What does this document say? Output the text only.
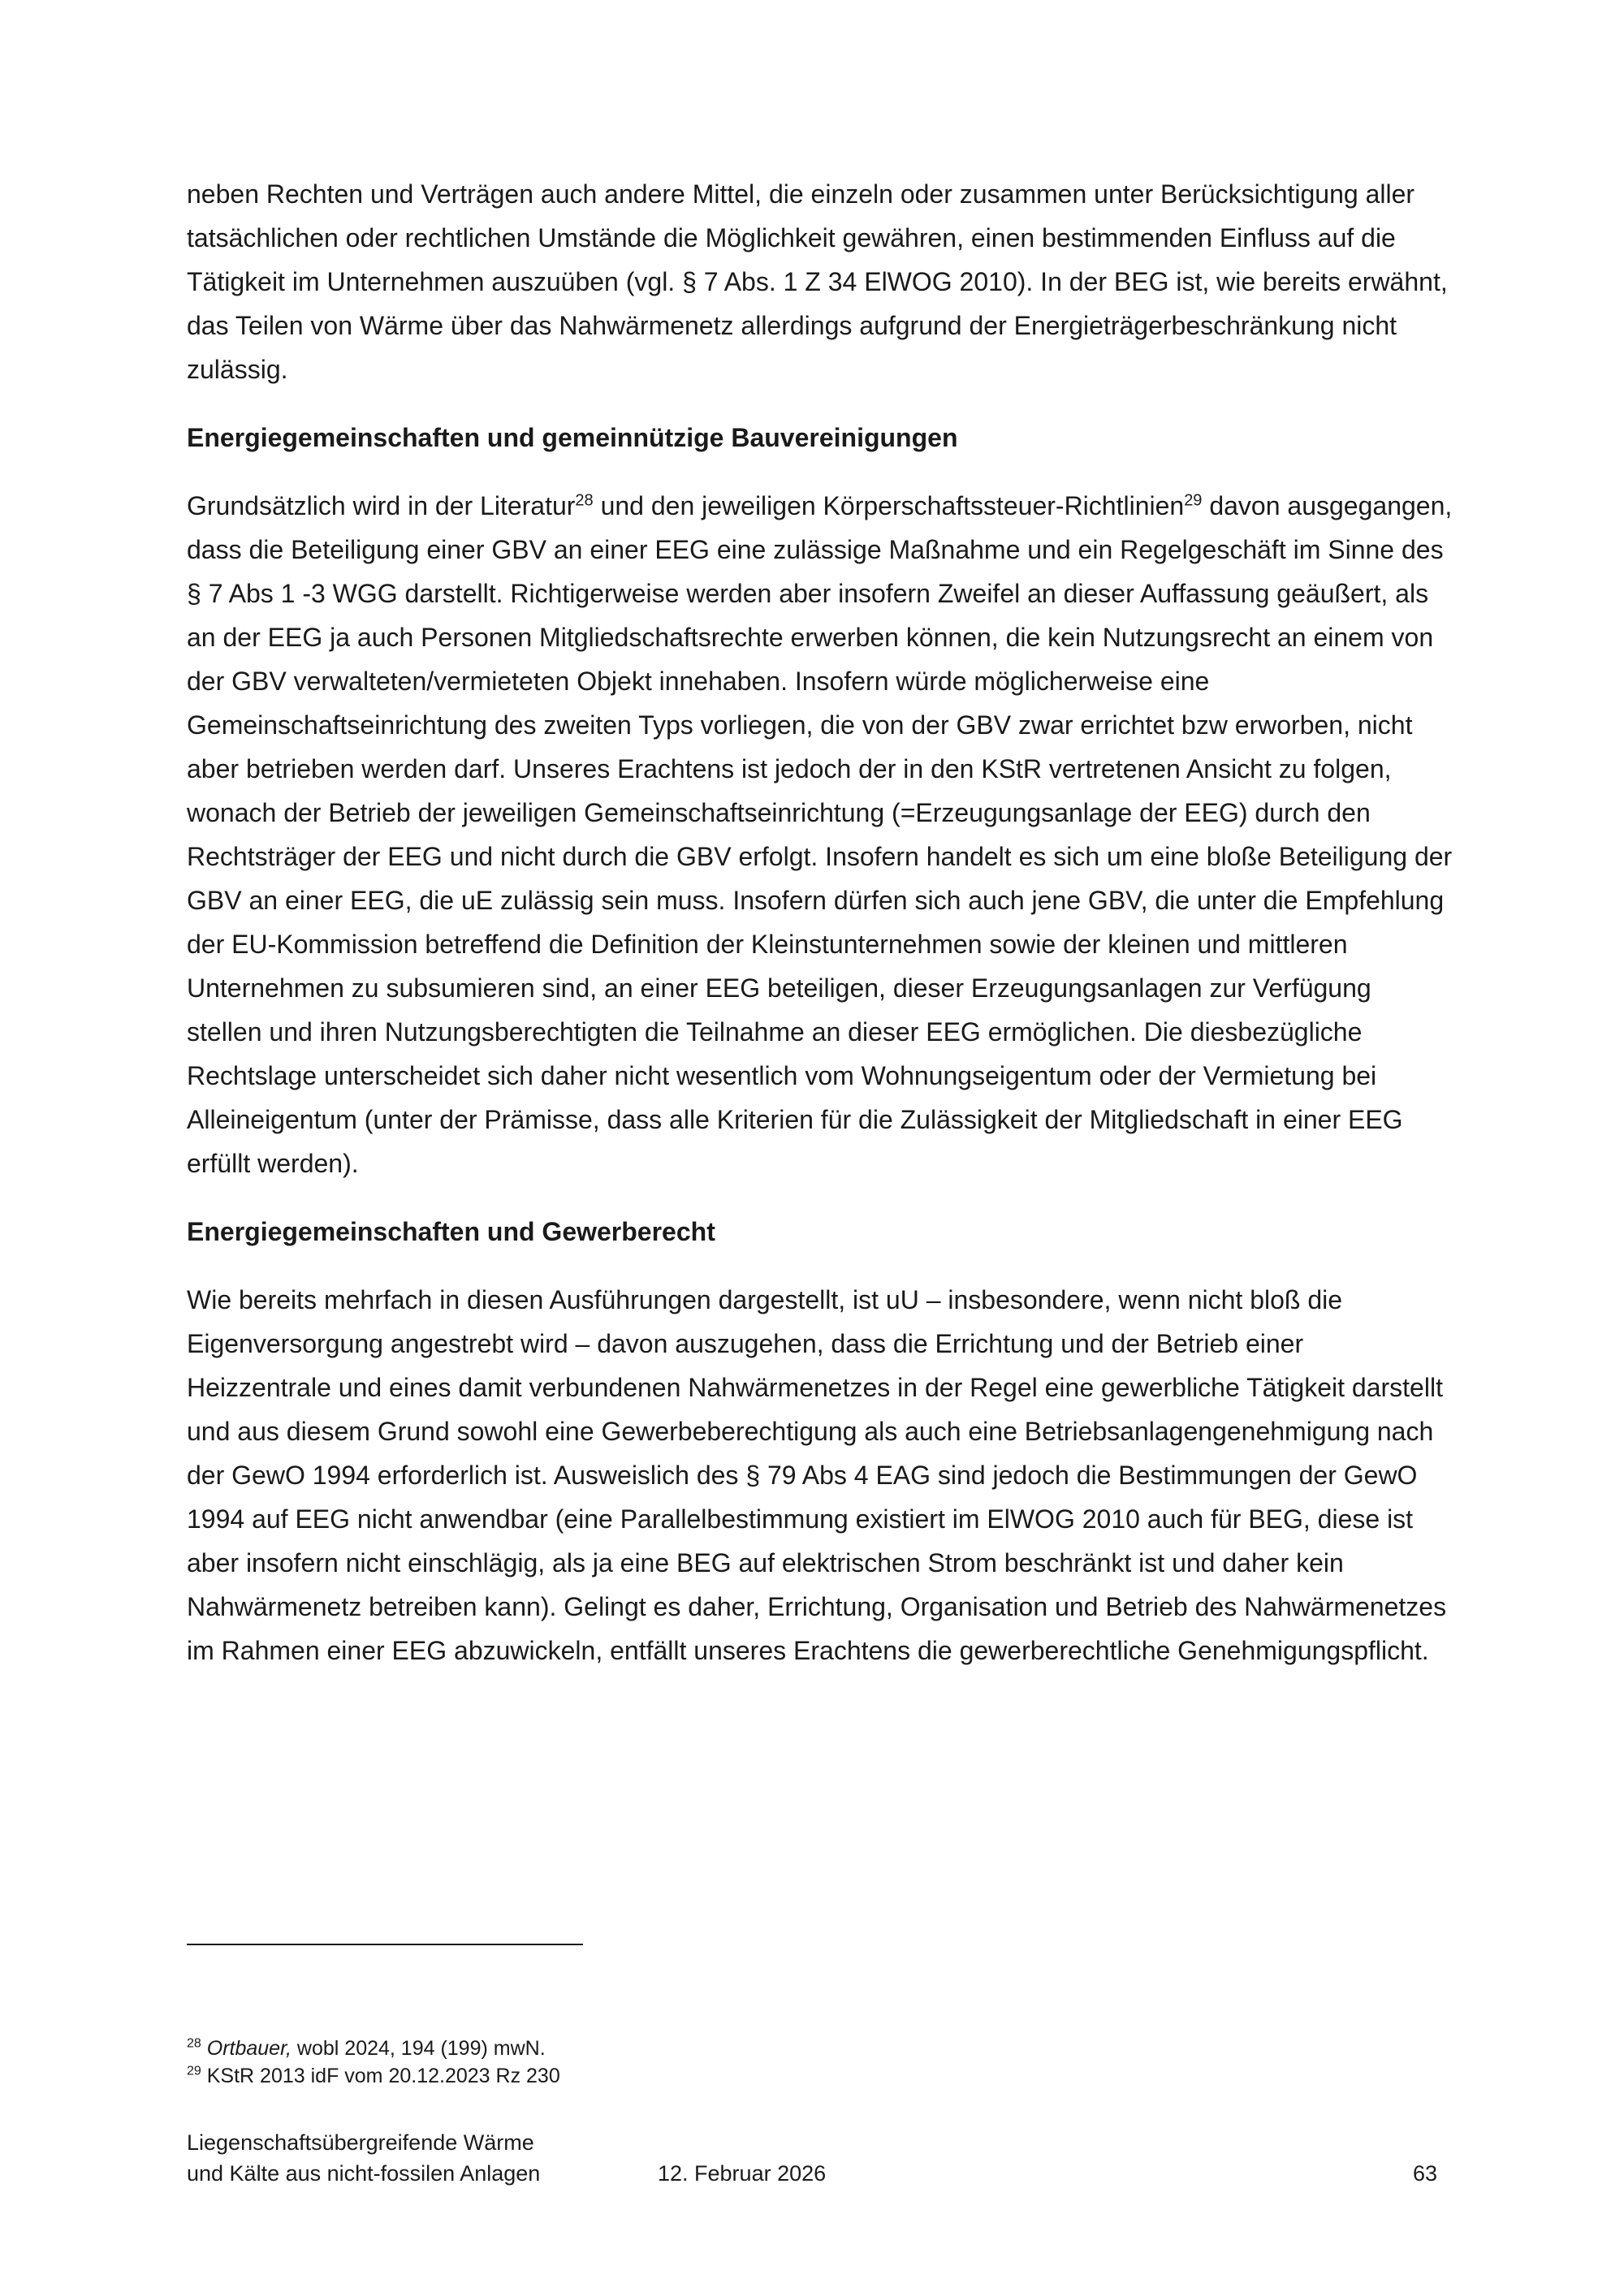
neben Rechten und Verträgen auch andere Mittel, die einzeln oder zusammen unter Berücksichtigung aller tatsächlichen oder rechtlichen Umstände die Möglichkeit gewähren, einen bestimmenden Einfluss auf die Tätigkeit im Unternehmen auszuüben (vgl. § 7 Abs. 1 Z 34 ElWOG 2010). In der BEG ist, wie bereits erwähnt, das Teilen von Wärme über das Nahwärmenetz allerdings aufgrund der Energieträgerbeschränkung nicht zulässig.

Energiegemeinschaften und gemeinnützige Bauvereinigungen

Grundsätzlich wird in der Literatur$^{28}$ und den jeweiligen Körperschaftssteuer-Richtlinien$^{29}$ davon ausgegangen, dass die Beteiligung einer GBV an einer EEG eine zulässige Maßnahme und ein Regelgeschäft im Sinne des § 7 Abs 1 -3 WGG darstellt. Richtigerweise werden aber insofern Zweifel an dieser Auffassung geäußert, als an der EEG ja auch Personen Mitgliedschaftsrechte erwerben können, die kein Nutzungsrecht an einem von der GBV verwalteten/vermieteten Objekt innehaben. Insofern würde möglicherweise eine Gemeinschaftseinrichtung des zweiten Typs vorliegen, die von der GBV zwar errichtet bzw erworben, nicht aber betrieben werden darf. Unseres Erachtens ist jedoch der in den KStR vertretenen Ansicht zu folgen, wonach der Betrieb der jeweiligen Gemeinschaftseinrichtung (=Erzeugungsanlage der EEG) durch den Rechtsträger der EEG und nicht durch die GBV erfolgt. Insofern handelt es sich um eine bloße Beteiligung der GBV an einer EEG, die uE zulässig sein muss. Insofern dürfen sich auch jene GBV, die unter die Empfehlung der EU-Kommission betreffend die Definition der Kleinstunternehmen sowie der kleinen und mittleren Unternehmen zu subsumieren sind, an einer EEG beteiligen, dieser Erzeugungsanlagen zur Verfügung stellen und ihren Nutzungsberechtigten die Teilnahme an dieser EEG ermöglichen. Die diesbezügliche Rechtslage unterscheidet sich daher nicht wesentlich vom Wohnungseigentum oder der Vermietung bei Alleineigentum (unter der Prämisse, dass alle Kriterien für die Zulässigkeit der Mitgliedschaft in einer EEG erfüllt werden).

Energiegemeinschaften und Gewerberecht

Wie bereits mehrfach in diesen Ausführungen dargestellt, ist uU – insbesondere, wenn nicht bloß die Eigenversorgung angestrebt wird – davon auszugehen, dass die Errichtung und der Betrieb einer Heizzentrale und eines damit verbundenen Nahwärmenetzes in der Regel eine gewerbliche Tätigkeit darstellt und aus diesem Grund sowohl eine Gewerbeberechtigung als auch eine Betriebsanlagengenehmigung nach der GewO 1994 erforderlich ist. Ausweislich des § 79 Abs 4 EAG sind jedoch die Bestimmungen der GewO 1994 auf EEG nicht anwendbar (eine Parallelbestimmung existiert im ElWOG 2010 auch für BEG, diese ist aber insofern nicht einschlägig, als ja eine BEG auf elektrischen Strom beschränkt ist und daher kein Nahwärmenetz betreiben kann). Gelingt es daher, Errichtung, Organisation und Betrieb des Nahwärmenetzes im Rahmen einer EEG abzuwickeln, entfällt unseres Erachtens die gewerberechtliche Genehmigungspflicht.

$^{28}$ Ortbauer, wobl 2024, 194 (199) mwN.

$^{29}$ KStR 2013 idF vom 20.12.2023 Rz 230

Liegenschaftsübergreifende Wärme
und Kälte aus nicht-fossilen Anlagen	12. Februar 2026	63
